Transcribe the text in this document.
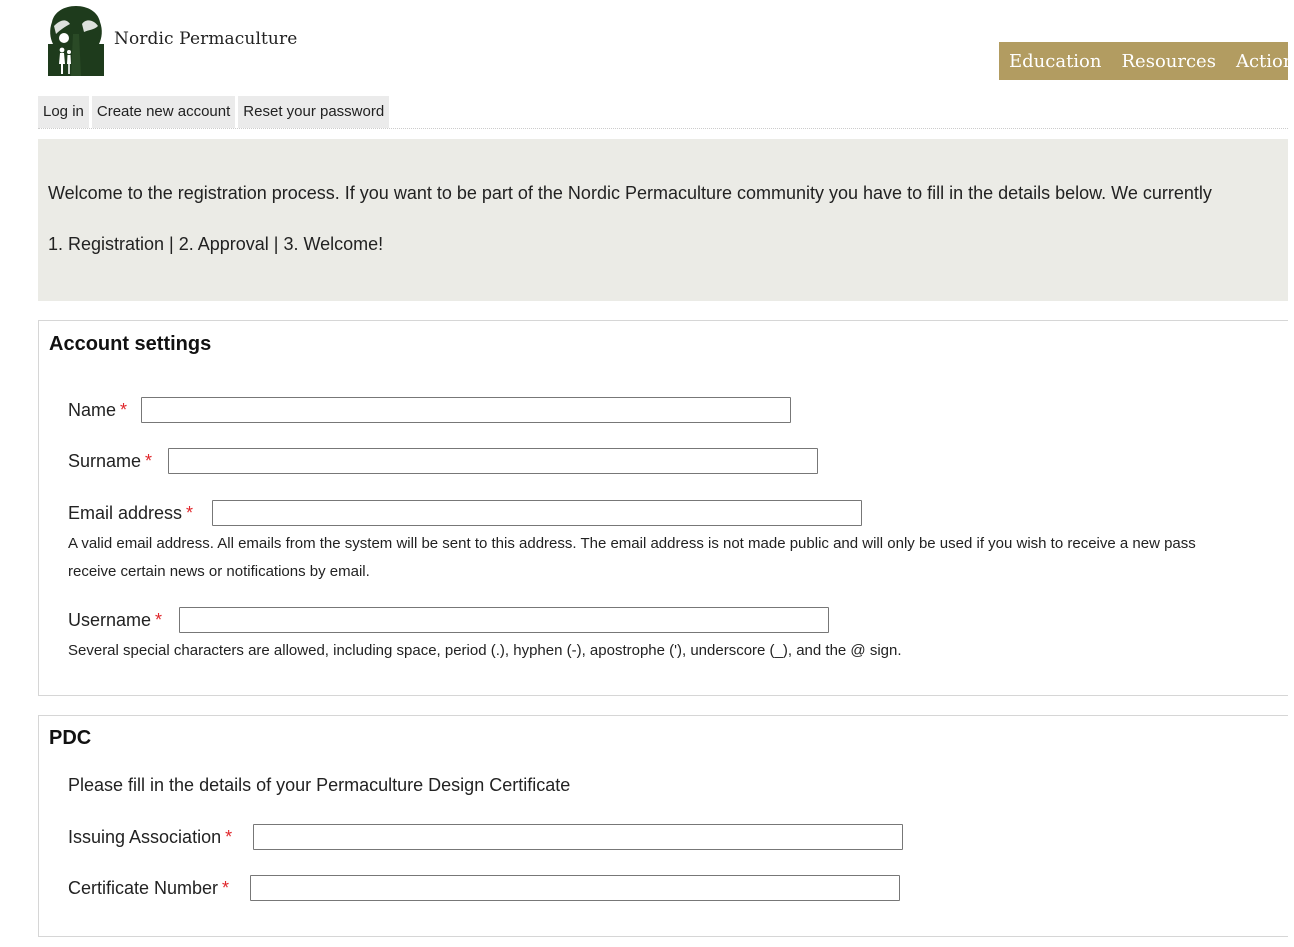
Nordic Permaculture
Education Resources Action
Log in Create new account Reset your password

Welcome to the registration process. If you want to be part of the Nordic Permaculture community you have to fill in the details below. We currently

1. Registration | 2. Approval | 3. Welcome!

Account settings
Name *
Surname *
Email address *
A valid email address. All emails from the system will be sent to this address. The email address is not made public and will only be used if you wish to receive a new pass
receive certain news or notifications by email.
Username *
Several special characters are allowed, including space, period (.), hyphen (-), apostrophe ('), underscore (_), and the @ sign.
PDC
Please fill in the details of your Permaculture Design Certificate
Issuing Association *
Certificate Number *
